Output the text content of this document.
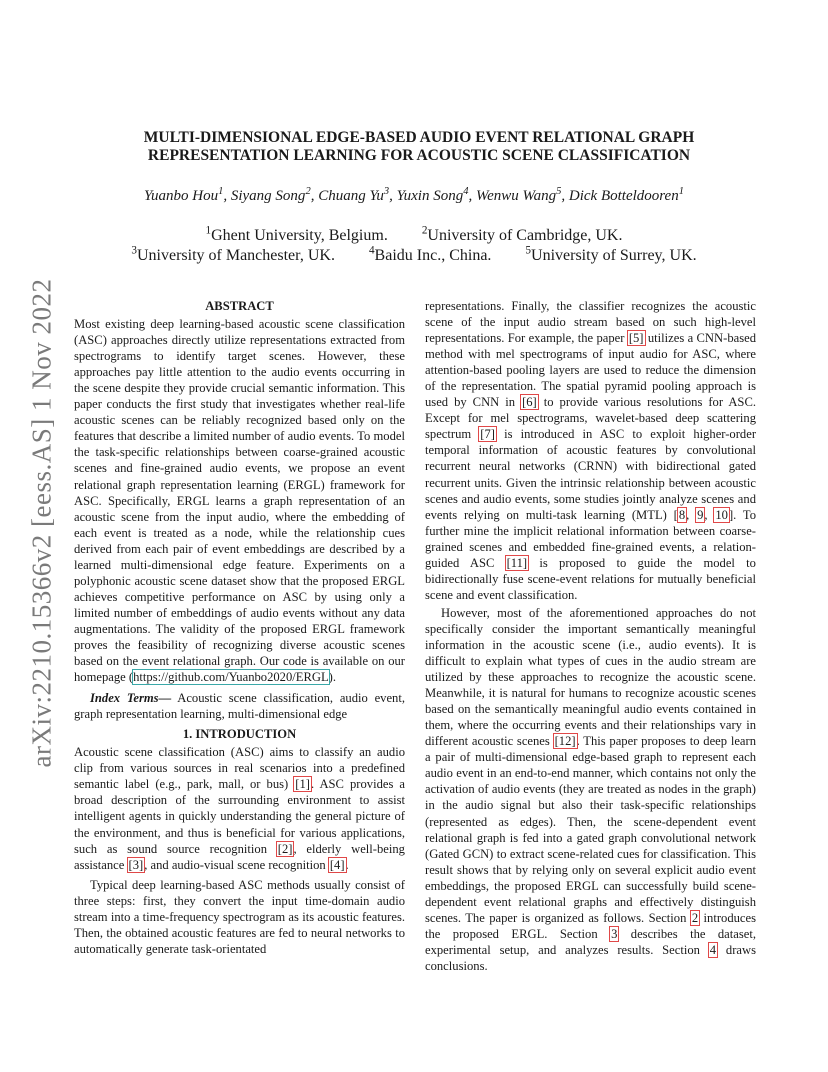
arXiv:2210.15366v2 [eess.AS] 1 Nov 2022
MULTI-DIMENSIONAL EDGE-BASED AUDIO EVENT RELATIONAL GRAPH REPRESENTATION LEARNING FOR ACOUSTIC SCENE CLASSIFICATION
Yuanbo Hou$^1$, Siyang Song$^2$, Chuang Yu$^3$, Yuxin Song$^4$, Wenwu Wang$^5$, Dick Botteldooren$^1$
$^1$Ghent University, Belgium.	$^2$University of Cambridge, UK.
$^3$University of Manchester, UK.	$^4$Baidu Inc., China.	$^5$University of Surrey, UK.
ABSTRACT

Most existing deep learning-based acoustic scene classification (ASC) approaches directly utilize representations extracted from spectrograms to identify target scenes. However, these approaches pay little attention to the audio events occurring in the scene despite they provide crucial semantic information. This paper conducts the first study that investigates whether real-life acoustic scenes can be reliably recognized based only on the features that describe a limited number of audio events. To model the task-specific relationships between coarse-grained acoustic scenes and fine-grained audio events, we propose an event relational graph representation learning (ERGL) framework for ASC. Specifically, ERGL learns a graph representation of an acoustic scene from the input audio, where the embedding of each event is treated as a node, while the relationship cues derived from each pair of event embeddings are described by a learned multi-dimensional edge feature. Experiments on a polyphonic acoustic scene dataset show that the proposed ERGL achieves competitive performance on ASC by using only a limited number of embeddings of audio events without any data augmentations. The validity of the proposed ERGL framework proves the feasibility of recognizing diverse acoustic scenes based on the event relational graph. Our code is available on our homepage (https://github.com/Yuanbo2020/ERGL).

Index Terms— Acoustic scene classification, audio event, graph representation learning, multi-dimensional edge

1. INTRODUCTION

Acoustic scene classification (ASC) aims to classify an audio clip from various sources in real scenarios into a predefined semantic label (e.g., park, mall, or bus) [1]. ASC provides a broad description of the surrounding environment to assist intelligent agents in quickly understanding the general picture of the environment, and thus is beneficial for various applications, such as sound source recognition [2], elderly well-being assistance [3], and audio-visual scene recognition [4].

Typical deep learning-based ASC methods usually consist of three steps: first, they convert the input time-domain audio stream into a time-frequency spectrogram as its acoustic features. Then, the obtained acoustic features are fed to neural networks to automatically generate task-orientated

representations. Finally, the classifier recognizes the acoustic scene of the input audio stream based on such high-level representations. For example, the paper [5] utilizes a CNN-based method with mel spectrograms of input audio for ASC, where attention-based pooling layers are used to reduce the dimension of the representation. The spatial pyramid pooling approach is used by CNN in [6] to provide various resolutions for ASC. Except for mel spectrograms, wavelet-based deep scattering spectrum [7] is introduced in ASC to exploit higher-order temporal information of acoustic features by convolutional recurrent neural networks (CRNN) with bidirectional gated recurrent units. Given the intrinsic relationship between acoustic scenes and audio events, some studies jointly analyze scenes and events relying on multi-task learning (MTL) [8, 9, 10]. To further mine the implicit relational information between coarse-grained scenes and embedded fine-grained events, a relation-guided ASC [11] is proposed to guide the model to bidirectionally fuse scene-event relations for mutually beneficial scene and event classification.

However, most of the aforementioned approaches do not specifically consider the important semantically meaningful information in the acoustic scene (i.e., audio events). It is difficult to explain what types of cues in the audio stream are utilized by these approaches to recognize the acoustic scene. Meanwhile, it is natural for humans to recognize acoustic scenes based on the semantically meaningful audio events contained in them, where the occurring events and their relationships vary in different acoustic scenes [12]. This paper proposes to deep learn a pair of multi-dimensional edge-based graph to represent each audio event in an end-to-end manner, which contains not only the activation of audio events (they are treated as nodes in the graph) in the audio signal but also their task-specific relationships (represented as edges). Then, the scene-dependent event relational graph is fed into a gated graph convolutional network (Gated GCN) to extract scene-related cues for classification. This result shows that by relying only on several explicit audio event embeddings, the proposed ERGL can successfully build scene-dependent event relational graphs and effectively distinguish scenes. The paper is organized as follows. Section 2 introduces the proposed ERGL. Section 3 describes the dataset, experimental setup, and analyzes results. Section 4 draws conclusions.
